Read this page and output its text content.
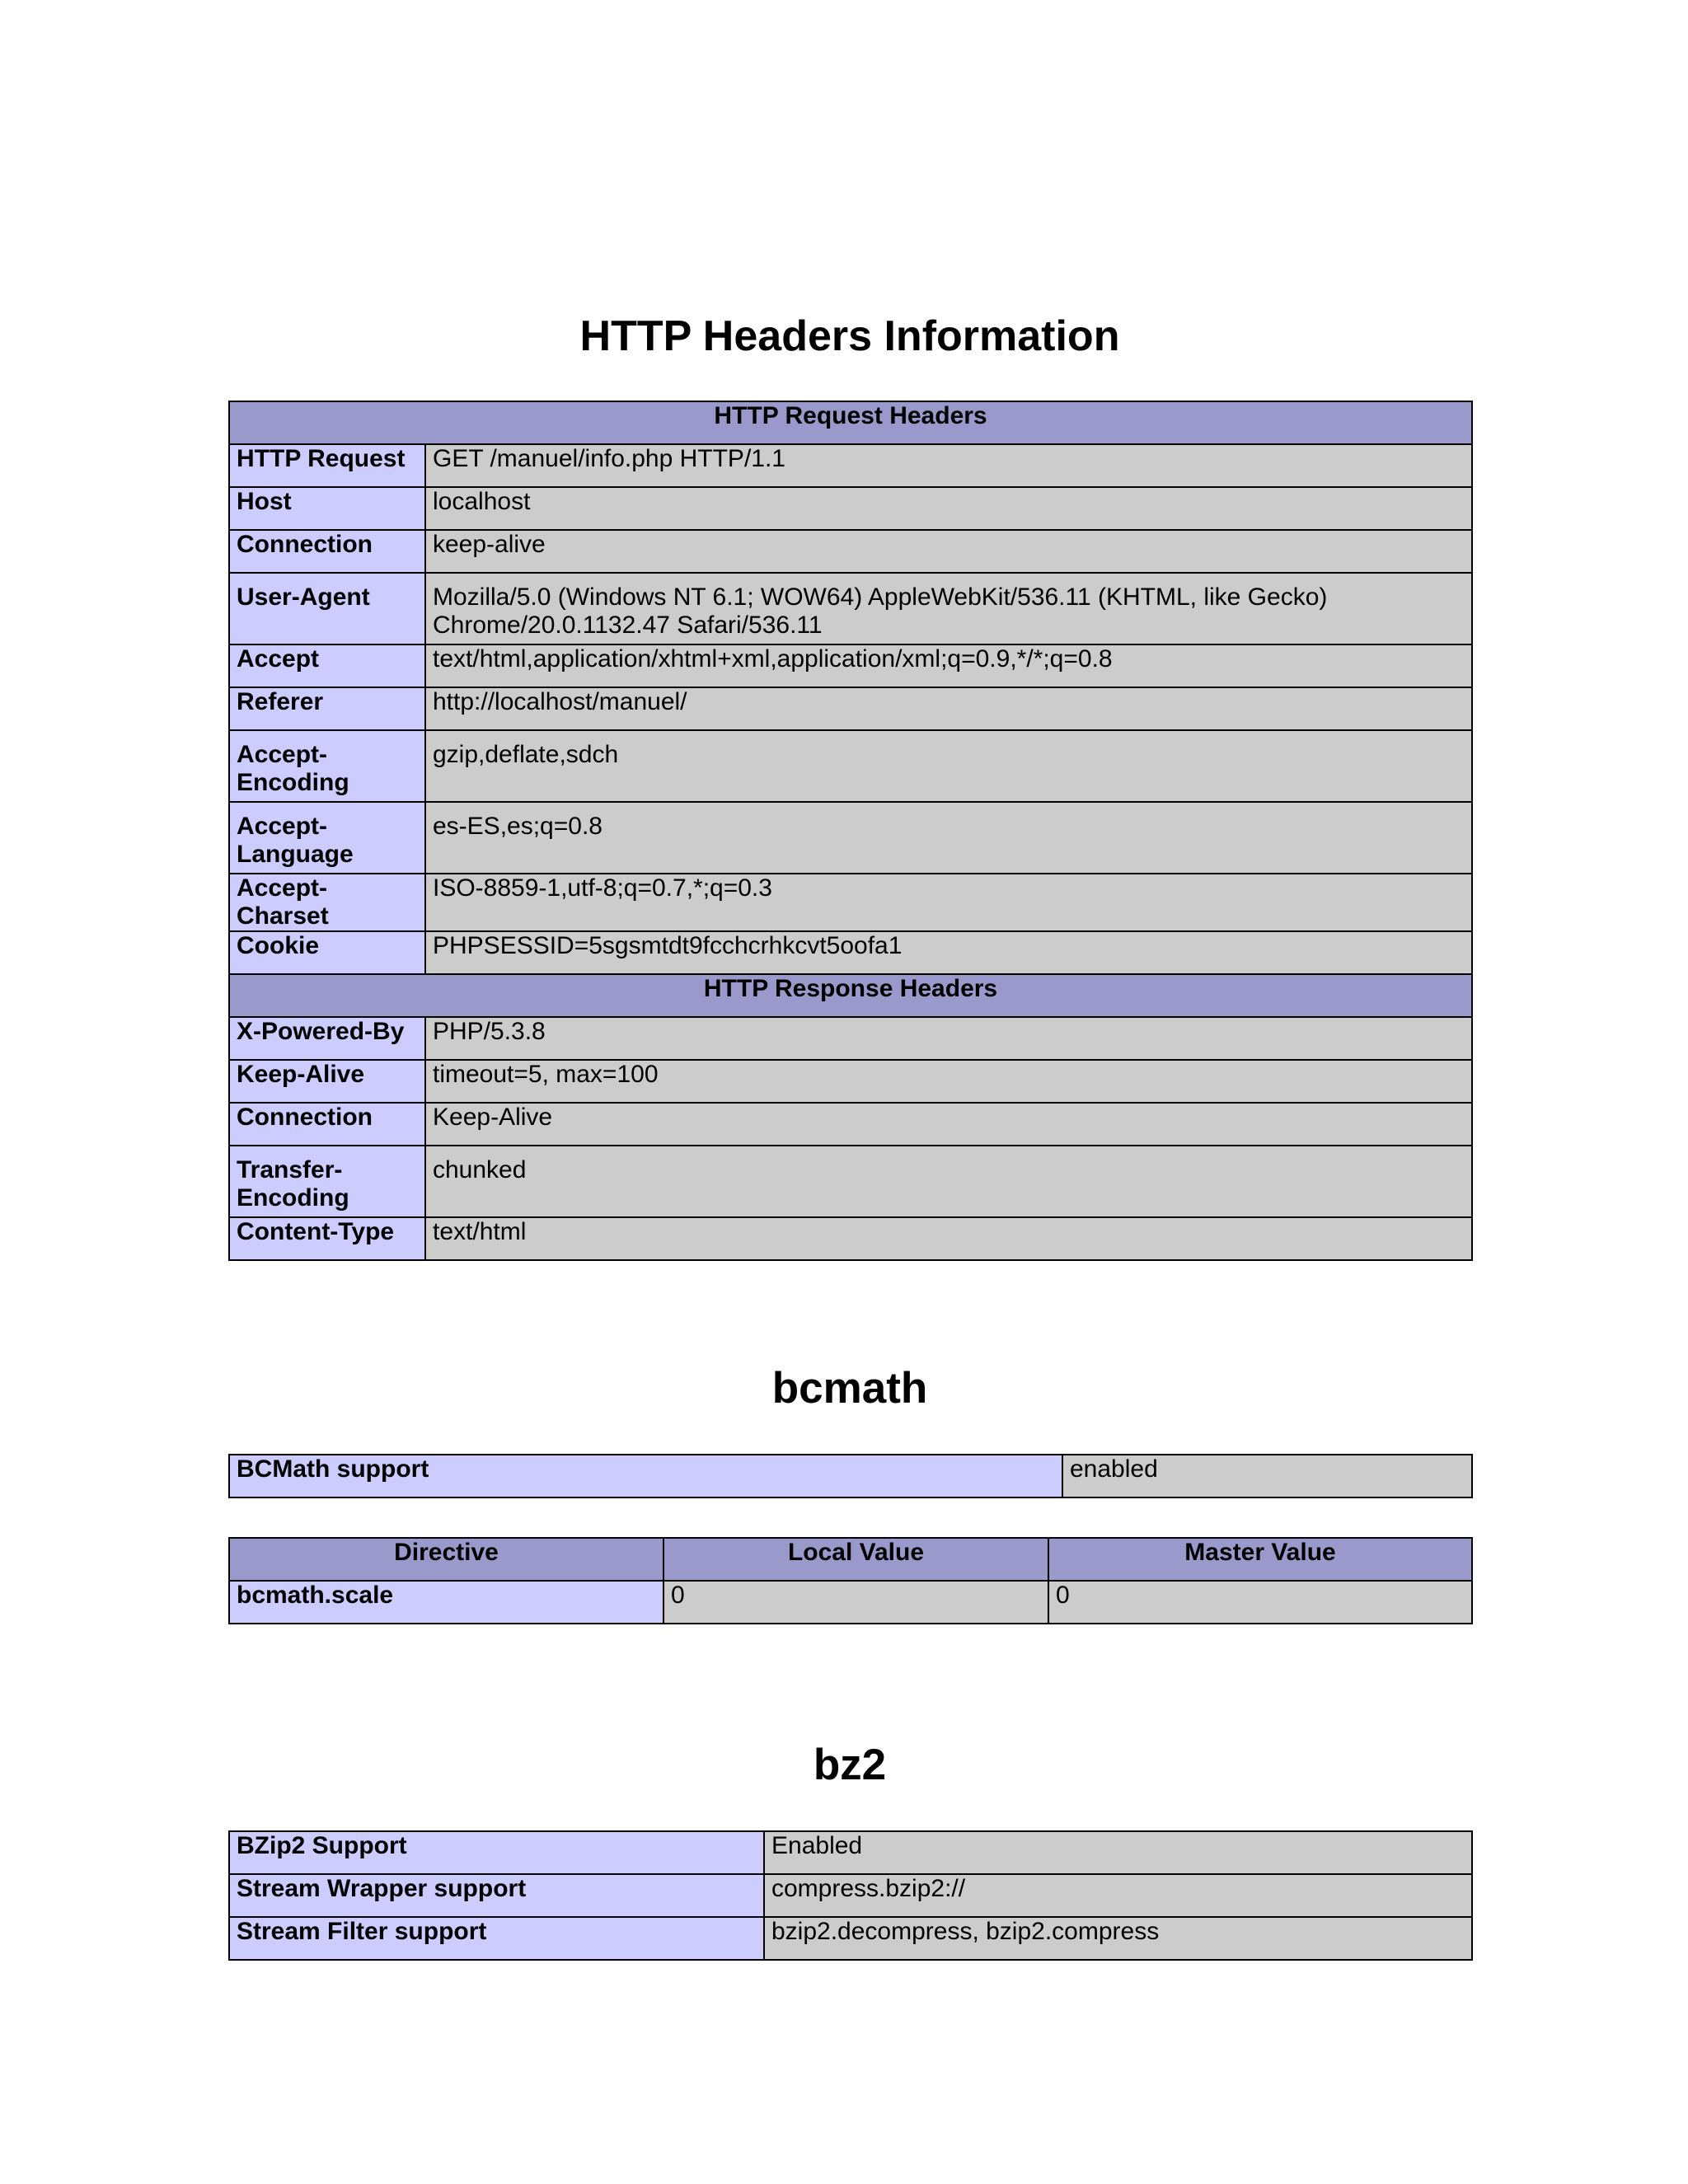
HTTP Headers Information
HTTP Request Headers	
HTTP Request	GET /manuel/info.php HTTP/1.1
Host	localhost
Connection	keep-alive
User-Agent	Mozilla/5.0 (Windows NT 6.1; WOW64) AppleWebKit/536.11 (KHTML, like Gecko) Chrome/20.0.1132.47 Safari/536.11
Accept	text/html,application/xhtml+xml,application/xml;q=0.9,*/*;q=0.8
Referer	http://localhost/manuel/
Accept-Encoding	gzip,deflate,sdch
Accept-Language	es-ES,es;q=0.8
Accept-Charset	ISO-8859-1,utf-8;q=0.7,*;q=0.3
Cookie	PHPSESSID=5sgsmtdt9fcchcrhkcvt5oofa1
HTTP Response Headers	
X-Powered-By	PHP/5.3.8
Keep-Alive	timeout=5, max=100
Connection	Keep-Alive
Transfer-Encoding	chunked
Content-Type	text/html
bcmath
BCMath support	enabled
Directive	Local Value	Master Value
bcmath.scale	0	0
bz2
BZip2 Support	Enabled
Stream Wrapper support	compress.bzip2://
Stream Filter support	bzip2.decompress, bzip2.compress
